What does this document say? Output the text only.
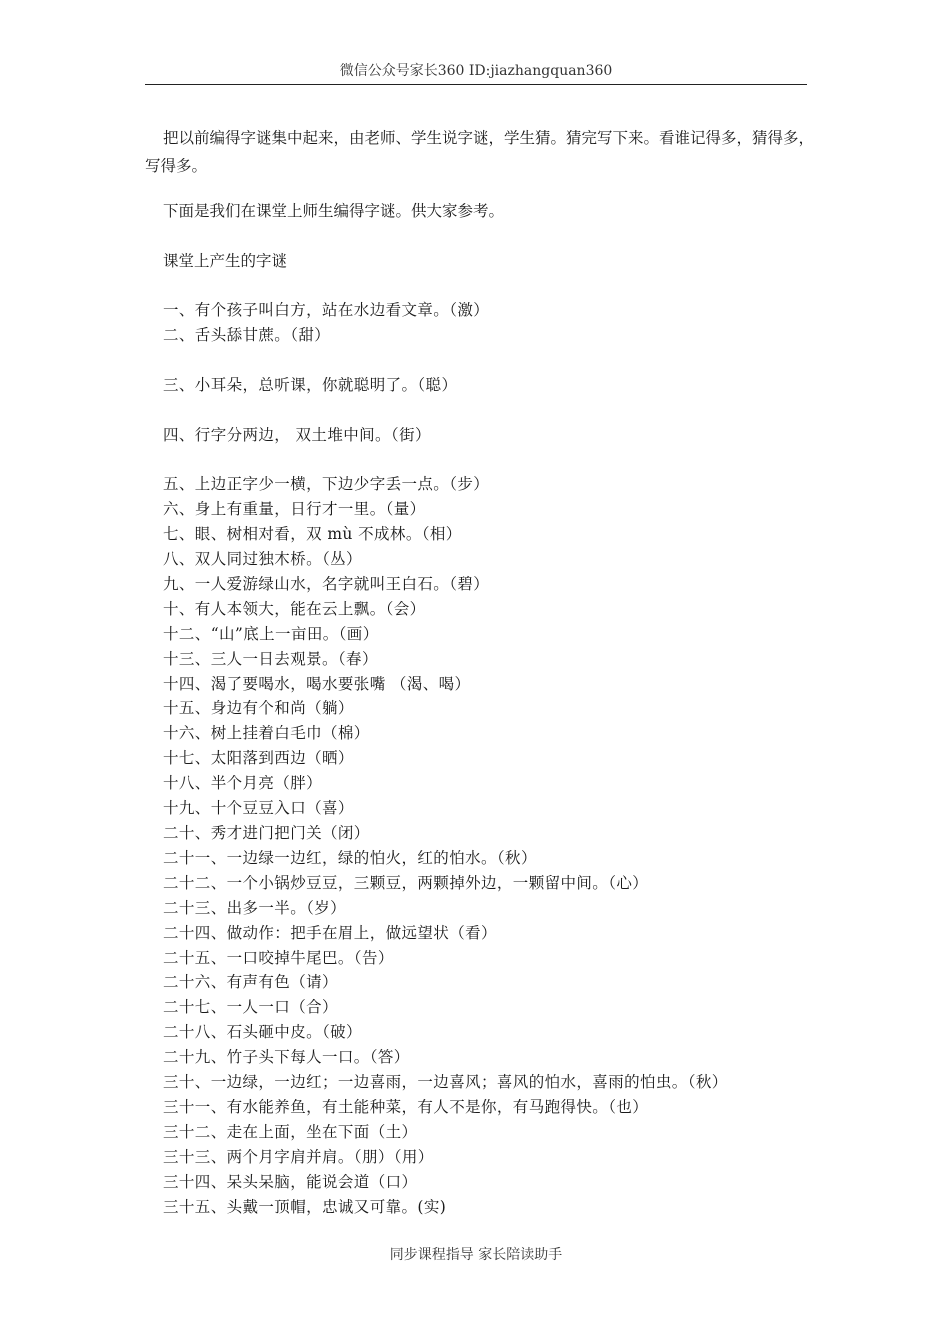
微信公众号家长360 ID:jiazhangquan360
把以前编得字谜集中起来，由老师、学生说字谜，学生猜。猜完写下来。看谁记得多，猜得多，写得多。
下面是我们在课堂上师生编得字谜。供大家参考。
课堂上产生的字谜
一、有个孩子叫白方，站在水边看文章。（激）
二、舌头舔甘蔗。（甜）
三、小耳朵，总听课，你就聪明了。（聪）
四、行字分两边， 双土堆中间。（街）
五、上边正字少一横，下边少字丢一点。（步）
六、身上有重量，日行才一里。（量）
七、眼、树相对看，双 mù 不成林。（相）
八、双人同过独木桥。（丛）
九、一人爱游绿山水，名字就叫王白石。（碧）
十、有人本领大，能在云上飘。（会）
十二、“山”底上一亩田。（画）
十三、三人一日去观景。（春）
十四、渴了要喝水，喝水要张嘴 （渴、喝）
十五、身边有个和尚（躺）
十六、树上挂着白毛巾（棉）
十七、太阳落到西边（晒）
十八、半个月亮（胖）
十九、十个豆豆入口（喜）
二十、秀才进门把门关（闭）
二十一、一边绿一边红，绿的怕火，红的怕水。（秋）
二十二、一个小锅炒豆豆，三颗豆，两颗掉外边，一颗留中间。（心）
二十三、出多一半。（岁）
二十四、做动作：把手在眉上，做远望状（看）
二十五、一口咬掉牛尾巴。（告）
二十六、有声有色（请）
二十七、一人一口（合）
二十八、石头砸中皮。（破）
二十九、竹子头下每人一口。（答）
三十、一边绿，一边红；一边喜雨，一边喜风；喜风的怕水，喜雨的怕虫。（秋）
三十一、有水能养鱼，有土能种菜，有人不是你，有马跑得快。（也）
三十二、走在上面，坐在下面（土）
三十三、两个月字肩并肩。（朋）（用）
三十四、呆头呆脑，能说会道（口）
三十五、头戴一顶帽，忠诚又可靠。(实)
同步课程指导 家长陪读助手
